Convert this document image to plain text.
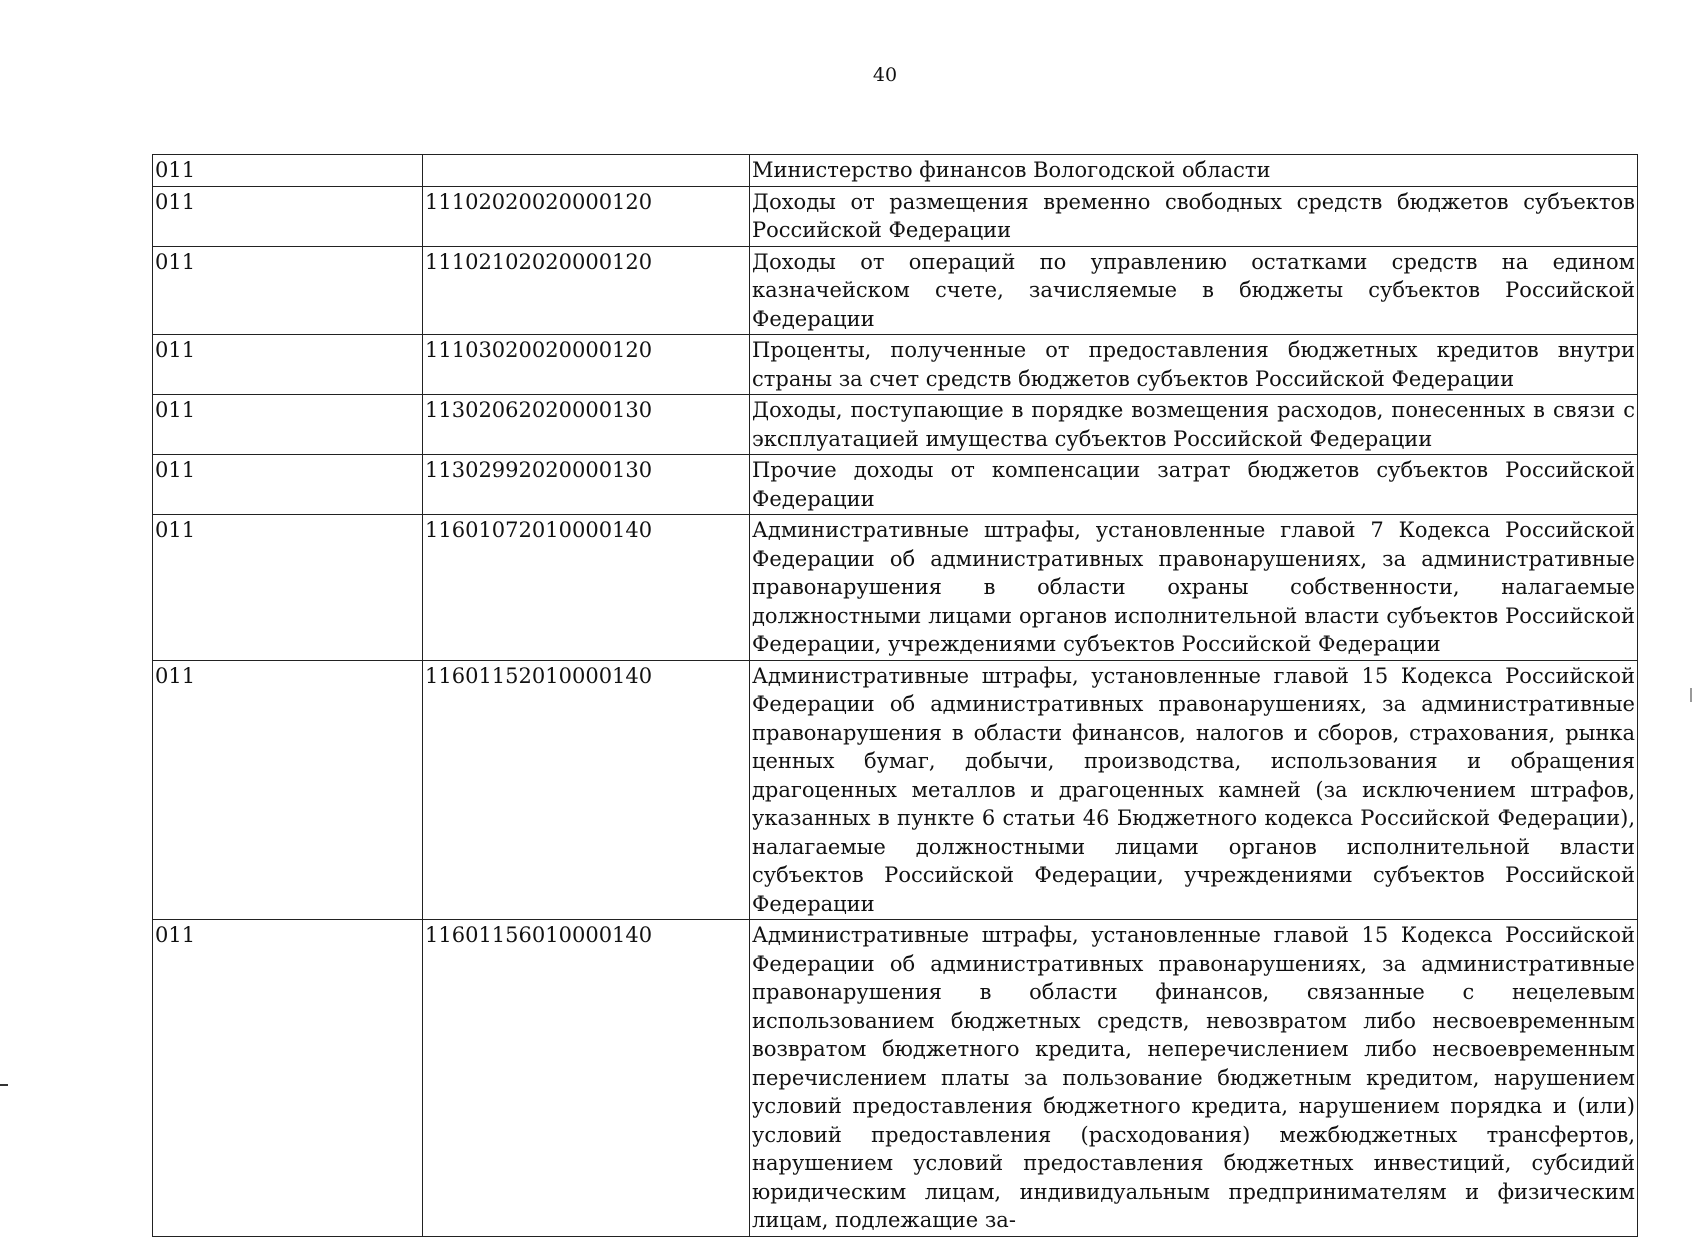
40
011		Министерство финансов Вологодской области
011	11102020020000120	Доходы от размещения временно свободных средств бюджетов субъектов Российской Федерации
011	11102102020000120	Доходы от операций по управлению остатками средств на едином казначейском счете, зачисляемые в бюджеты субъектов Российской Федерации
011	11103020020000120	Проценты, полученные от предоставления бюджетных кредитов внутри страны за счет средств бюджетов субъектов Российской Федерации
011	11302062020000130	Доходы, поступающие в порядке возмещения расходов, понесенных в связи с эксплуатацией имущества субъектов Российской Федерации
011	11302992020000130	Прочие доходы от компенсации затрат бюджетов субъектов Российской Федерации
011	11601072010000140	Административные штрафы, установленные главой 7 Кодекса Российской Федерации об административных правонарушениях, за административные правонарушения в области охраны собственности, налагаемые должностными лицами органов исполнительной власти субъектов Российской Федерации, учреждениями субъектов Российской Федерации
011	11601152010000140	Административные штрафы, установленные главой 15 Кодекса Российской Федерации об административных правонарушениях, за административные правонарушения в области финансов, налогов и сборов, страхования, рынка ценных бумаг, добычи, производства, использования и обращения драгоценных металлов и драгоценных камней (за исключением штрафов, указанных в пункте 6 статьи 46 Бюджетного кодекса Российской Федерации), налагаемые должностными лицами органов исполнительной власти субъектов Российской Федерации, учреждениями субъектов Российской Федерации
011	11601156010000140	Административные штрафы, установленные главой 15 Кодекса Российской Федерации об административных правонарушениях, за административные правонарушения в области финансов, связанные с нецелевым использованием бюджетных средств, невозвратом либо несвоевременным возвратом бюджетного кредита, неперечислением либо несвоевременным перечислением платы за пользование бюджетным кредитом, нарушением условий предоставления бюджетного кредита, нарушением порядка и (или) условий предоставления (расходования) межбюджетных трансфертов, нарушением условий предоставления бюджетных инвестиций, субсидий юридическим лицам, индивидуальным предпринимателям и физическим лицам, подлежащие за-
